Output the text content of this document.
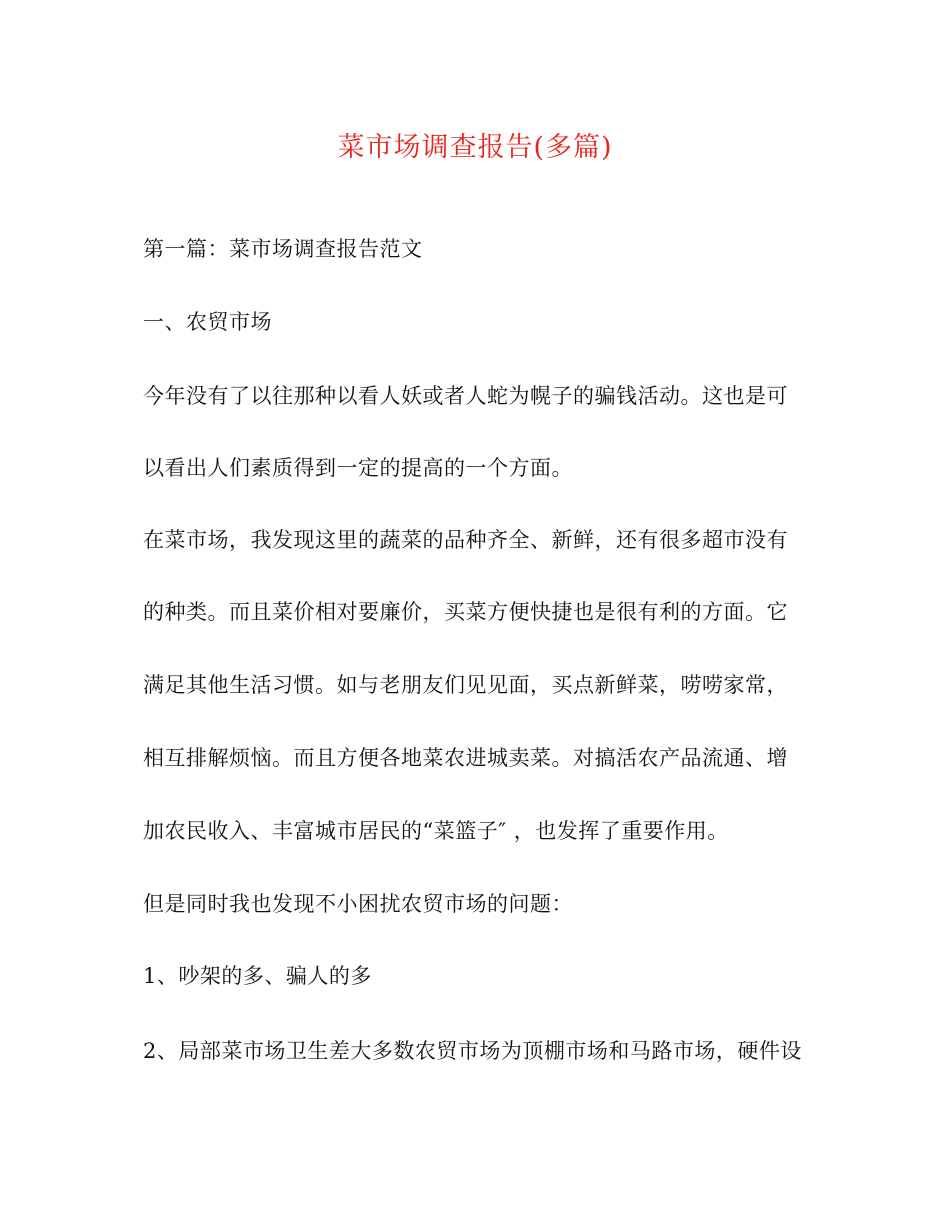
菜市场调查报告(多篇)
第一篇：菜市场调查报告范文
一、农贸市场
今年没有了以往那种以看人妖或者人蛇为幌子的骗钱活动。这也是可
以看出人们素质得到一定的提高的一个方面。
在菜市场，我发现这里的蔬菜的品种齐全、新鲜，还有很多超市没有
的种类。而且菜价相对要廉价，买菜方便快捷也是很有利的方面。它
满足其他生活习惯。如与老朋友们见见面，买点新鲜菜，唠唠家常，
相互排解烦恼。而且方便各地菜农进城卖菜。对搞活农产品流通、增
加农民收入、丰富城市居民的“菜篮子″ ，也发挥了重要作用。
但是同时我也发现不小困扰农贸市场的问题：
1、吵架的多、骗人的多
2、局部菜市场卫生差大多数农贸市场为顶棚市场和马路市场，硬件设
